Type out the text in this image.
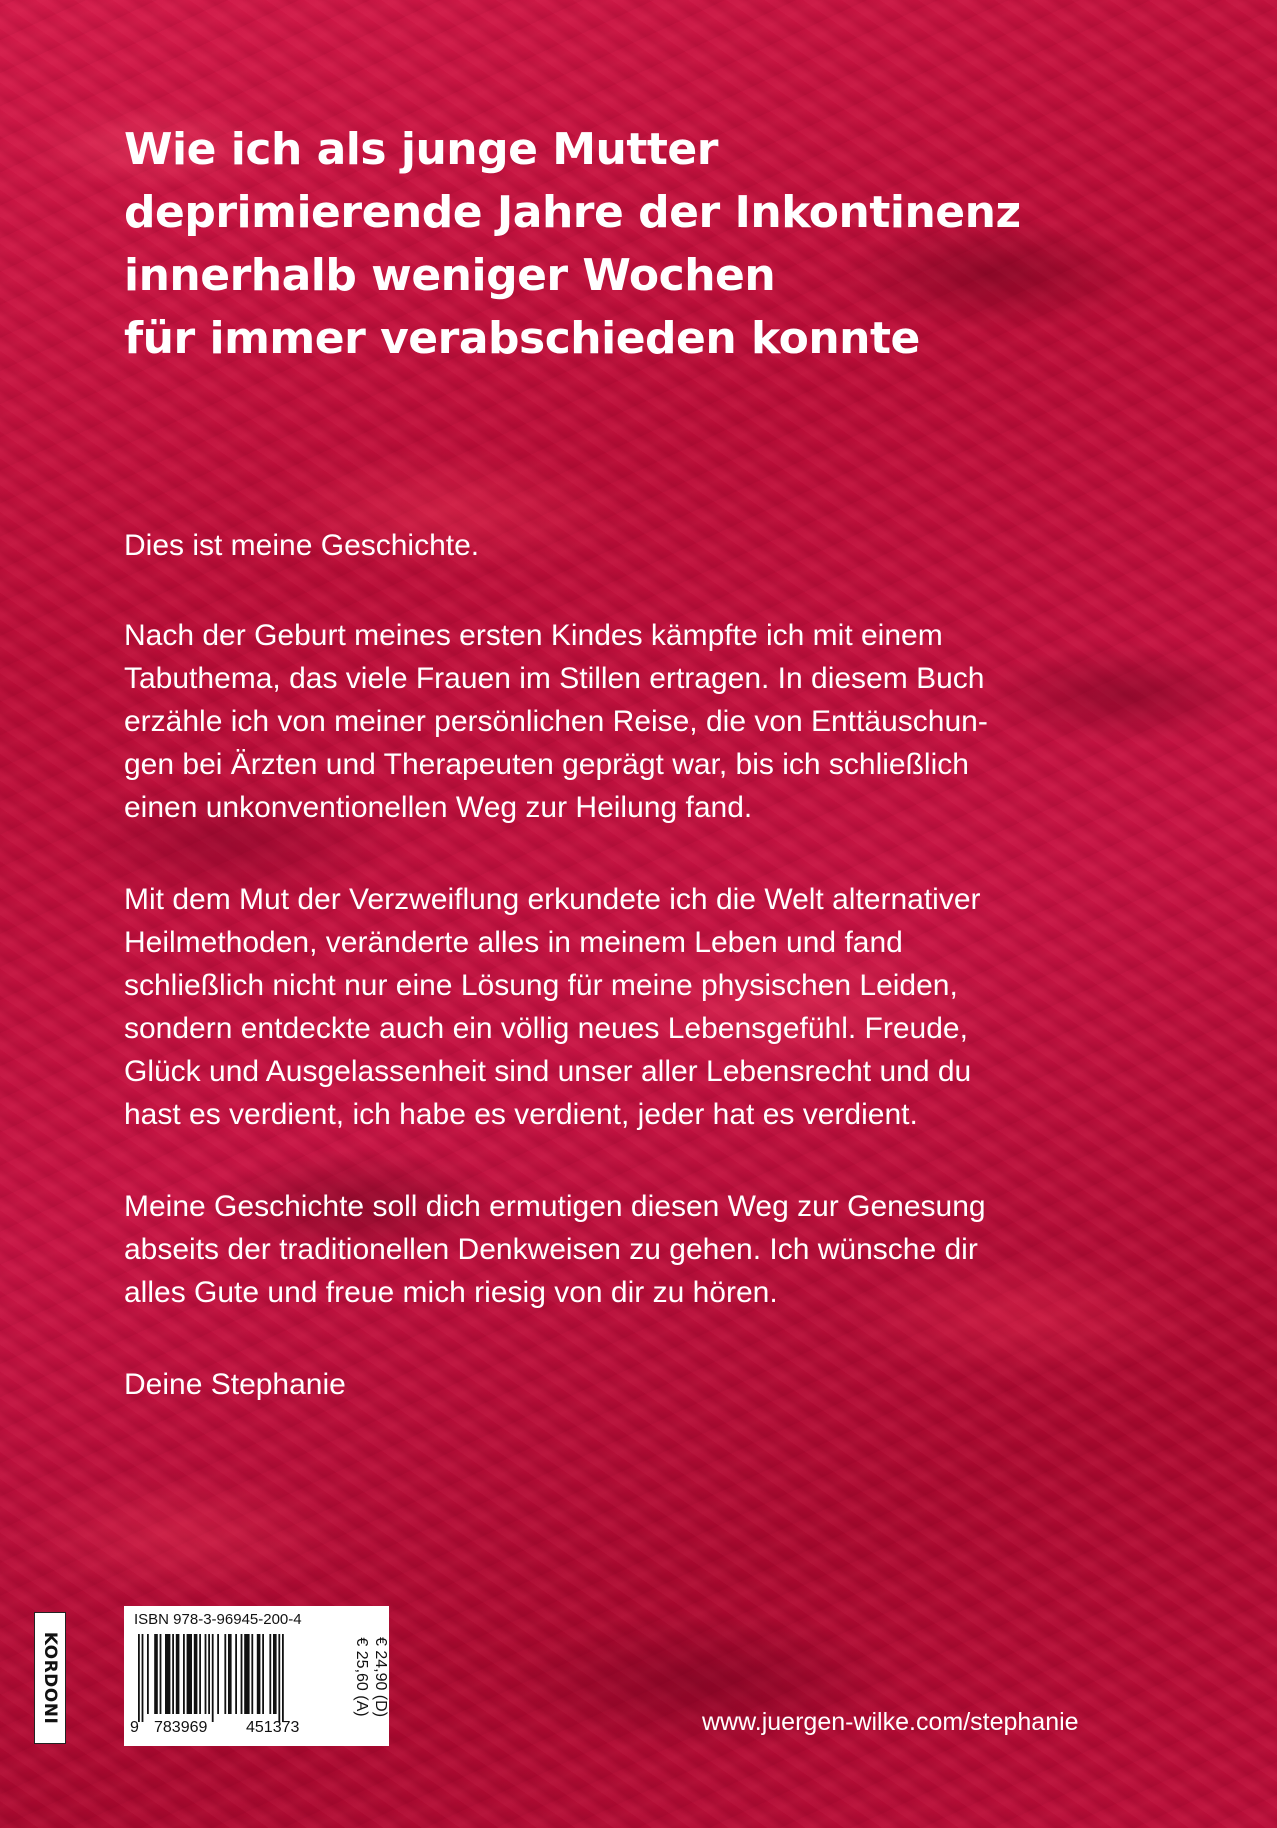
Wie ich als junge Mutter
deprimierende Jahre der Inkontinenz
innerhalb weniger Wochen
für immer verabschieden konnte

Dies ist meine Geschichte.

Nach der Geburt meines ersten Kindes kämpfte ich mit einem
Tabuthema, das viele Frauen im Stillen ertragen. In diesem Buch
erzähle ich von meiner persönlichen Reise, die von Enttäuschun-
gen bei Ärzten und Therapeuten geprägt war, bis ich schließlich
einen unkonventionellen Weg zur Heilung fand.

Mit dem Mut der Verzweiflung erkundete ich die Welt alternativer
Heilmethoden, veränderte alles in meinem Leben und fand
schließlich nicht nur eine Lösung für meine physischen Leiden,
sondern entdeckte auch ein völlig neues Lebensgefühl. Freude,
Glück und Ausgelassenheit sind unser aller Lebensrecht und du
hast es verdient, ich habe es verdient, jeder hat es verdient.

Meine Geschichte soll dich ermutigen diesen Weg zur Genesung
abseits der traditionellen Denkweisen zu gehen. Ich wünsche dir
alles Gute und freue mich riesig von dir zu hören.

Deine Stephanie

KORDONI
ISBN 978-3-96945-200-4
9 783969 451373
€ 24,90 (D)
€ 25,60 (A)
www.juergen-wilke.com/stephanie
